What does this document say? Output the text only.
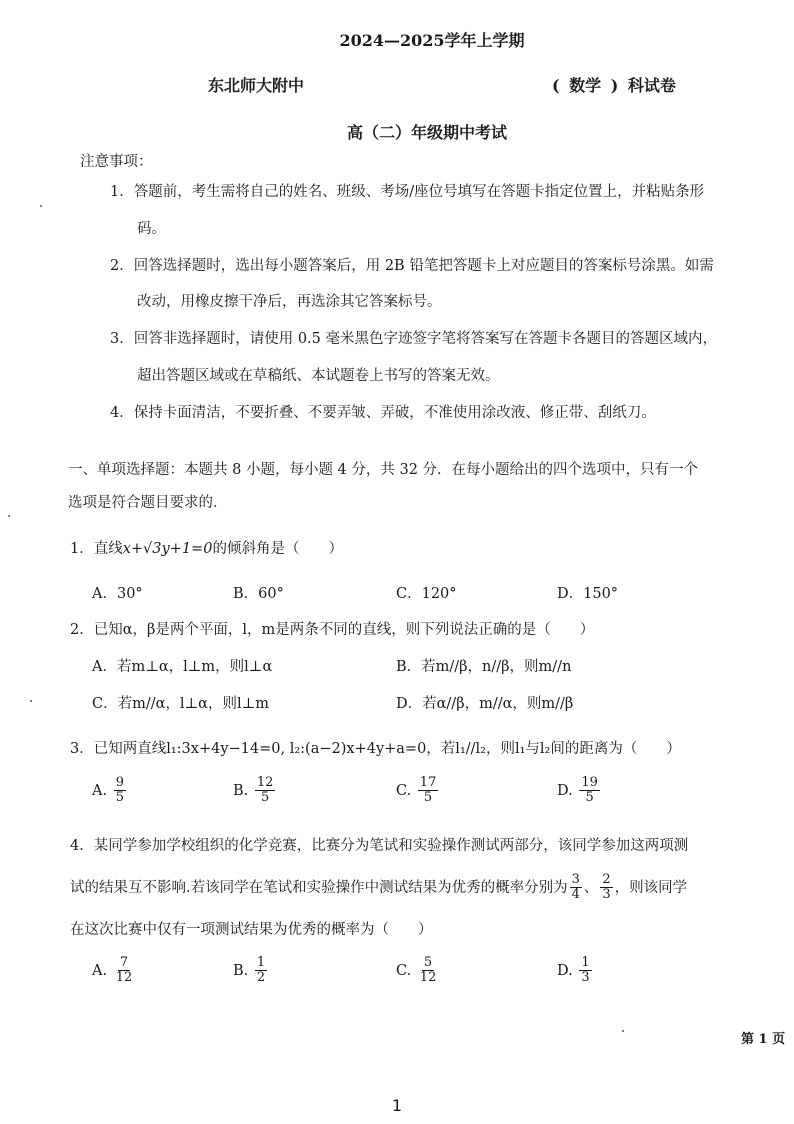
2024—2025学年上学期
东北师大附中	( 数学 ) 科试卷
高（二）年级期中考试
注意事项：
1．答题前，考生需将自己的姓名、班级、考场/座位号填写在答题卡指定位置上，并粘贴条形
码。
2．回答选择题时，选出每小题答案后，用 2B 铅笔把答题卡上对应题目的答案标号涂黑。如需
改动，用橡皮擦干净后，再选涂其它答案标号。
3．回答非选择题时，请使用 0.5 毫米黑色字迹签字笔将答案写在答题卡各题目的答题区域内，
超出答题区域或在草稿纸、本试题卷上书写的答案无效。
4．保持卡面清洁，不要折叠、不要弄皱、弄破，不准使用涂改液、修正带、刮纸刀。
一、单项选择题：本题共 8 小题，每小题 4 分，共 32 分．在每小题给出的四个选项中，只有一个
选项是符合题目要求的．
1．直线x+√3y+1=0的倾斜角是（　　）
A．30°	B．60°	C．120°	D．150°
2．已知α，β是两个平面，l，m是两条不同的直线，则下列说法正确的是（　　）
A．若m⊥α，l⊥m，则l⊥α	B．若m//β，n//β，则m//n
C．若m//α，l⊥α，则l⊥m	D．若α//β，m//α，则m//β
3．已知两直线l₁:3x+4y−14=0, l₂:(a−2)x+4y+a=0，若l₁//l₂，则l₁与l₂间的距离为（　　）
A. $\frac{9}{5}$	B. $\frac{12}{5}$	C. $\frac{17}{5}$	D. $\frac{19}{5}$
4．某同学参加学校组织的化学竞赛，比赛分为笔试和实验操作测试两部分，该同学参加这两项测
试的结果互不影响.若该同学在笔试和实验操作中测试结果为优秀的概率分别为 $\frac{3}{4}$ 、 $\frac{2}{3}$ ，则该同学
在这次比赛中仅有一项测试结果为优秀的概率为（　　）
A. $\frac{7}{12}$	B. $\frac{1}{2}$	C. $\frac{5}{12}$	D. $\frac{1}{3}$
第 1 页
1
